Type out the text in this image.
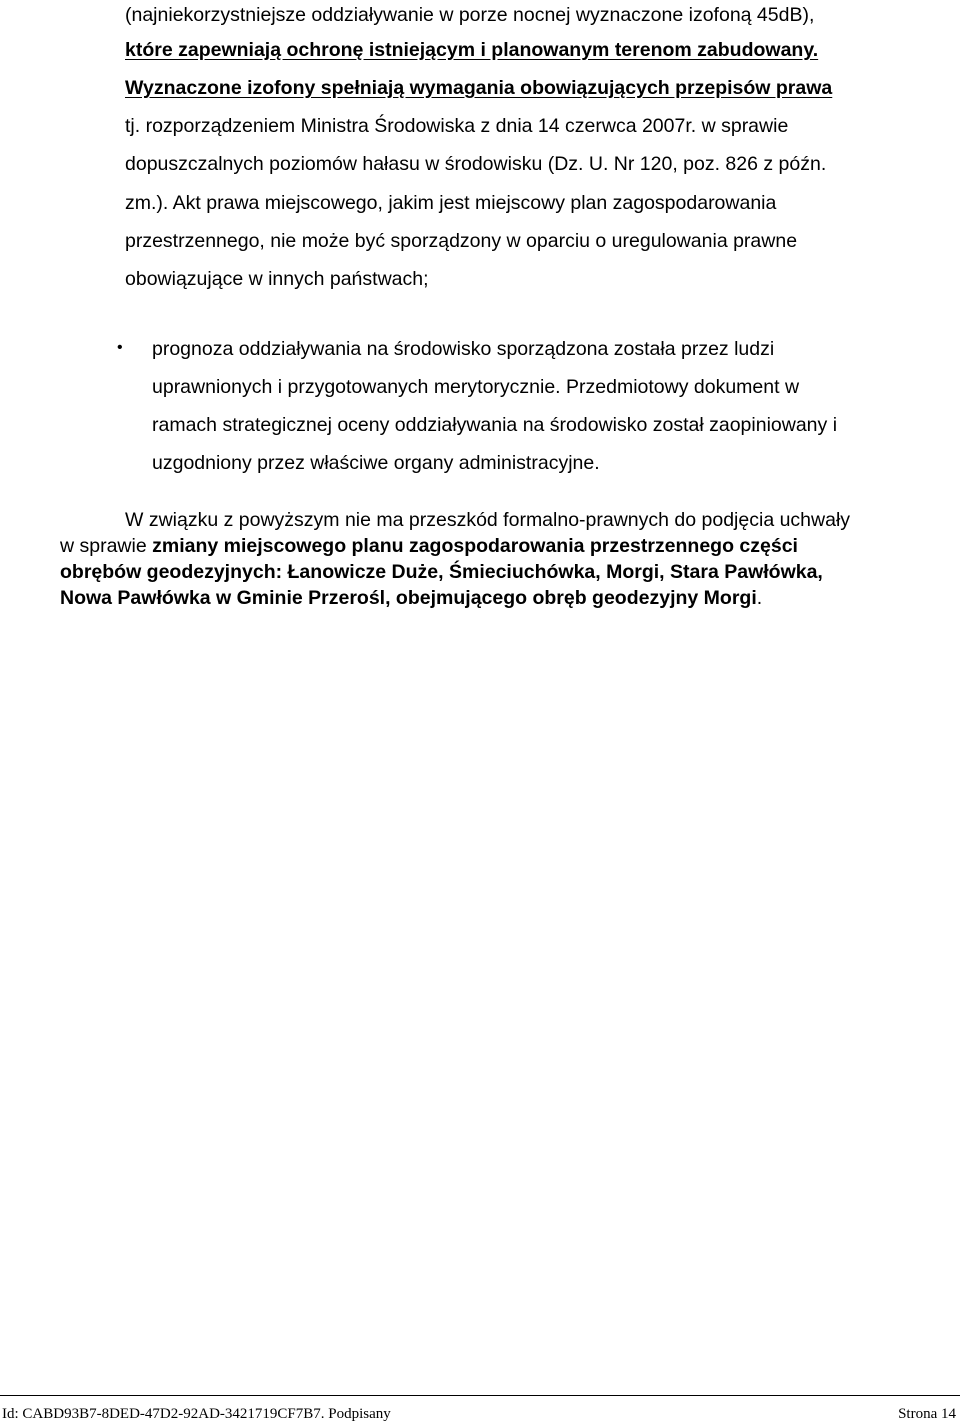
(najniekorzystniejsze oddziaływanie w porze nocnej wyznaczone izofoną 45dB),
które zapewniają ochronę istniejącym i planowanym terenom zabudowany.
Wyznaczone izofony spełniają wymagania obowiązujących przepisów prawa
tj. rozporządzeniem Ministra Środowiska z dnia 14 czerwca 2007r. w sprawie
dopuszczalnych poziomów hałasu w środowisku (Dz. U. Nr 120, poz. 826 z późn.
zm.). Akt prawa miejscowego, jakim jest miejscowy plan zagospodarowania
przestrzennego, nie może być sporządzony w oparciu o uregulowania prawne
obowiązujące w innych państwach;
• prognoza oddziaływania na środowisko sporządzona została przez ludzi
uprawnionych i przygotowanych merytorycznie. Przedmiotowy dokument w
ramach strategicznej oceny oddziaływania na środowisko został zaopiniowany i
uzgodniony przez właściwe organy administracyjne.
W związku z powyższym nie ma przeszkód formalno-prawnych do podjęcia uchwały
w sprawie zmiany miejscowego planu zagospodarowania przestrzennego części
obrębów geodezyjnych: Łanowicze Duże, Śmieciuchówka, Morgi, Stara Pawłówka,
Nowa Pawłówka w Gminie Przerośl, obejmującego obręb geodezyjny Morgi.
Id: CABD93B7-8DED-47D2-92AD-3421719CF7B7. Podpisany	Strona 14
